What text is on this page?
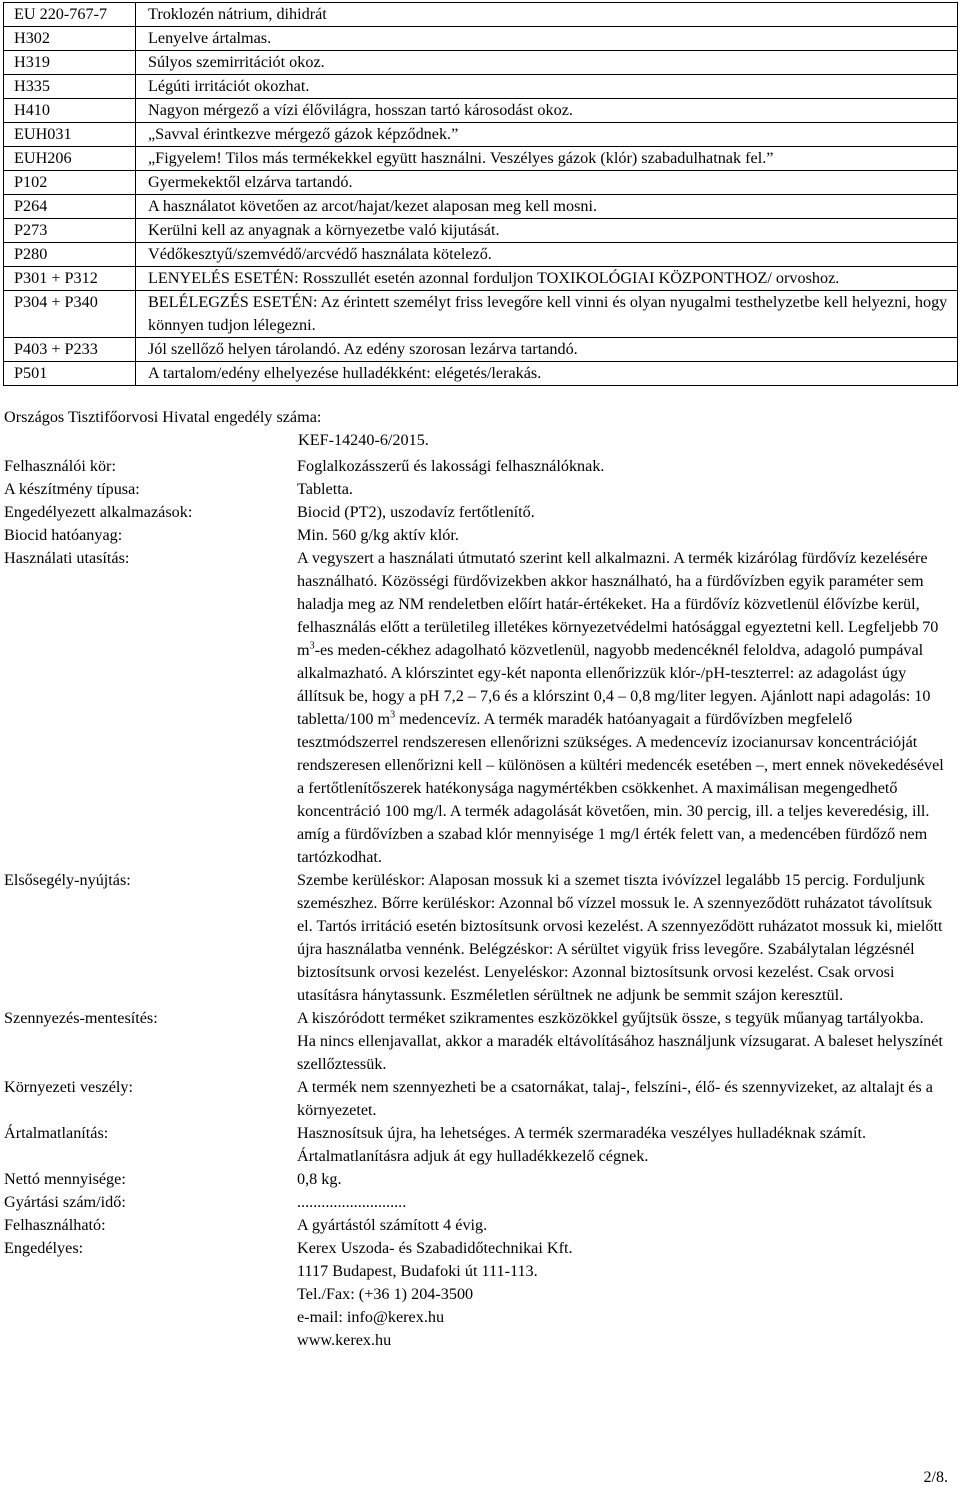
EU 220-767-7	Troklozén nátrium, dihidrát
H302	Lenyelve ártalmas.
H319	Súlyos szemirritációt okoz.
H335	Légúti irritációt okozhat.
H410	Nagyon mérgező a vízi élővilágra, hosszan tartó károsodást okoz.
EUH031	„Savval érintkezve mérgező gázok képződnek.”
EUH206	„Figyelem! Tilos más termékekkel együtt használni. Veszélyes gázok (klór) szabadulhatnak fel.”
P102	Gyermekektől elzárva tartandó.
P264	A használatot követően az arcot/hajat/kezet alaposan meg kell mosni.
P273	Kerülni kell az anyagnak a környezetbe való kijutását.
P280	Védőkesztyű/szemvédő/arcvédő használata kötelező.
P301 + P312	LENYELÉS ESETÉN: Rosszullét esetén azonnal forduljon TOXIKOLÓGIAI KÖZPONTHOZ/ orvoshoz.
P304 + P340	BELÉLEGZÉS ESETÉN: Az érintett személyt friss levegőre kell vinni és olyan nyugalmi testhelyzetbe kell helyezni, hogy könnyen tudjon lélegezni.
P403 + P233	Jól szellőző helyen tárolandó. Az edény szorosan lezárva tartandó.
P501	A tartalom/edény elhelyezése hulladékként: elégetés/lerakás.
Országos Tisztifőorvosi Hivatal engedély száma:
KEF-14240-6/2015.
Felhasználói kör:	Foglalkozásszerű és lakossági felhasználóknak.
A készítmény típusa:	Tabletta.
Engedélyezett alkalmazások:	Biocid (PT2), uszodavíz fertőtlenítő.
Biocid hatóanyag:	Min. 560 g/kg aktív klór.
Használati utasítás:	A vegyszert a használati útmutató szerint kell alkalmazni. A termék kizárólag fürdővíz kezelésére használható. Közösségi fürdővizekben akkor használható, ha a fürdővízben egyik paraméter sem haladja meg az NM rendeletben előírt határ-értékeket. Ha a fürdővíz közvetlenül élővízbe kerül, felhasználás előtt a területileg illetékes környezetvédelmi hatósággal egyeztetni kell. Legfeljebb 70 $m^3-es$ meden-cékhez adagolható közvetlenül, nagyobb medencéknél feloldva, adagoló pumpával alkalmazható. A klórszintet egy-két naponta ellenőrizzük klór-/pH-teszterrel: az adagolást úgy állítsuk be, hogy a pH 7,2 – 7,6 és a klórszint 0,4 – 0,8 mg/liter legyen. Ajánlott napi adagolás: 10 tabletta/100 $m^3$ medencevíz. A termék maradék hatóanyagait a fürdővízben megfelelő tesztmódszerrel rendszeresen ellenőrizni szükséges. A medencevíz izocianursav koncentrációját rendszeresen ellenőrizni kell – különösen a kültéri medencék esetében –, mert ennek növekedésével a fertőtlenítőszerek hatékonysága nagymértékben csökkenhet. A maximálisan megengedhető koncentráció 100 mg/l. A termék adagolását követően, min. 30 percig, ill. a teljes keveredésig, ill. amíg a fürdővízben a szabad klór mennyisége 1 mg/l érték felett van, a medencében fürdőző nem tartózkodhat.
Elsősegély-nyújtás:	Szembe kerüléskor: Alaposan mossuk ki a szemet tiszta ivóvízzel legalább 15 percig. Forduljunk szemészhez. Bőrre kerüléskor: Azonnal bő vízzel mossuk le. A szennyeződött ruházatot távolítsuk el. Tartós irritáció esetén biztosítsunk orvosi kezelést. A szennyeződött ruházatot mossuk ki, mielőtt újra használatba vennénk. Belégzéskor: A sérültet vigyük friss levegőre. Szabálytalan légzésnél biztosítsunk orvosi kezelést. Lenyeléskor: Azonnal biztosítsunk orvosi kezelést. Csak orvosi utasításra hánytassunk. Eszméletlen sérültnek ne adjunk be semmit szájon keresztül.
Szennyezés-mentesítés:	A kiszóródott terméket szikramentes eszközökkel gyűjtsük össze, s tegyük műanyag tartályokba. Ha nincs ellenjavallat, akkor a maradék eltávolításához használjunk vízsugarat. A baleset helyszínét szellőztessük.
Környezeti veszély:	A termék nem szennyezheti be a csatornákat, talaj-, felszíni-, élő- és szennyvizeket, az altalajt és a környezetet.
Ártalmatlanítás:	Hasznosítsuk újra, ha lehetséges. A termék szermaradéka veszélyes hulladéknak számít. Ártalmatlanításra adjuk át egy hulladékkezelő cégnek.
Nettó mennyisége:	0,8 kg.
Gyártási szám/idő:	...........................
Felhasználható:	A gyártástól számított 4 évig.
Engedélyes:	Kerex Uszoda- és Szabadidőtechnikai Kft.
1117 Budapest, Budafoki út 111-113.
Tel./Fax: (+36 1) 204-3500
e-mail: info@kerex.hu
www.kerex.hu
2/8.
